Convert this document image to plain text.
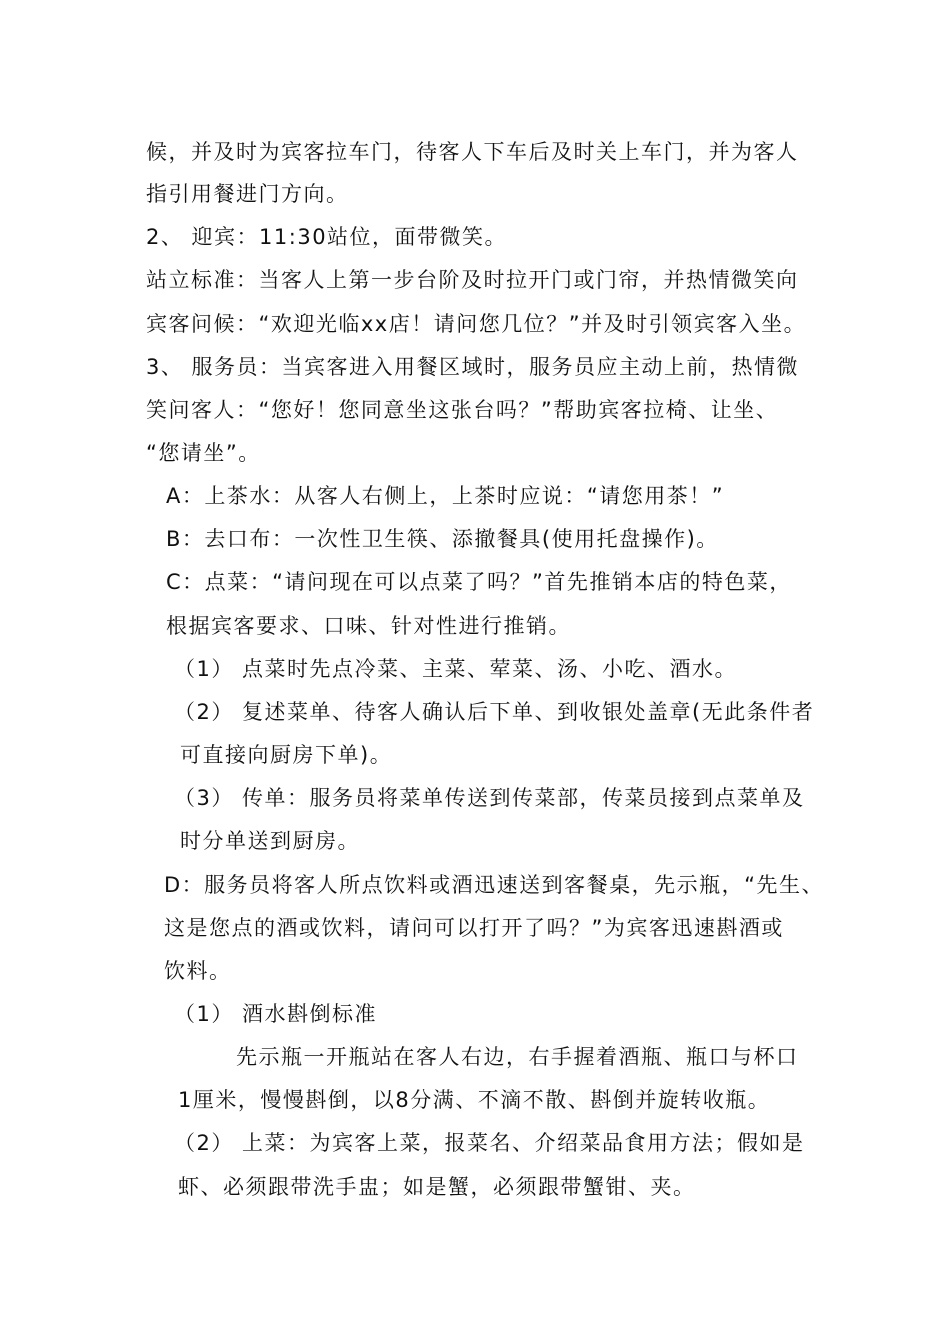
候，并及时为宾客拉车门，待客人下车后及时关上车门，并为客人
指引用餐进门方向。
2、 迎宾：11:30站位，面带微笑。
站立标准：当客人上第一步台阶及时拉开门或门帘，并热情微笑向
宾客问候：“欢迎光临xx店！请问您几位？”并及时引领宾客入坐。
3、 服务员：当宾客进入用餐区域时，服务员应主动上前，热情微
笑问客人：“您好！您同意坐这张台吗？”帮助宾客拉椅、让坐、
“您请坐”。
A：上茶水：从客人右侧上，上茶时应说：“请您用茶！”
B：去口布：一次性卫生筷、添撤餐具(使用托盘操作)。
C：点菜：“请问现在可以点菜了吗？”首先推销本店的特色菜，
根据宾客要求、口味、针对性进行推销。
（1） 点菜时先点冷菜、主菜、荤菜、汤、小吃、酒水。
（2） 复述菜单、待客人确认后下单、到收银处盖章(无此条件者
可直接向厨房下单)。
（3） 传单：服务员将菜单传送到传菜部，传菜员接到点菜单及
时分单送到厨房。
D：服务员将客人所点饮料或酒迅速送到客餐桌，先示瓶，“先生、
这是您点的酒或饮料，请问可以打开了吗？”为宾客迅速斟酒或
饮料。
（1） 酒水斟倒标准
先示瓶一开瓶站在客人右边，右手握着酒瓶、瓶口与杯口
1厘米，慢慢斟倒，以8分满、不滴不散、斟倒并旋转收瓶。
（2） 上菜：为宾客上菜，报菜名、介绍菜品食用方法；假如是
虾、必须跟带洗手盅；如是蟹，必须跟带蟹钳、夹。
